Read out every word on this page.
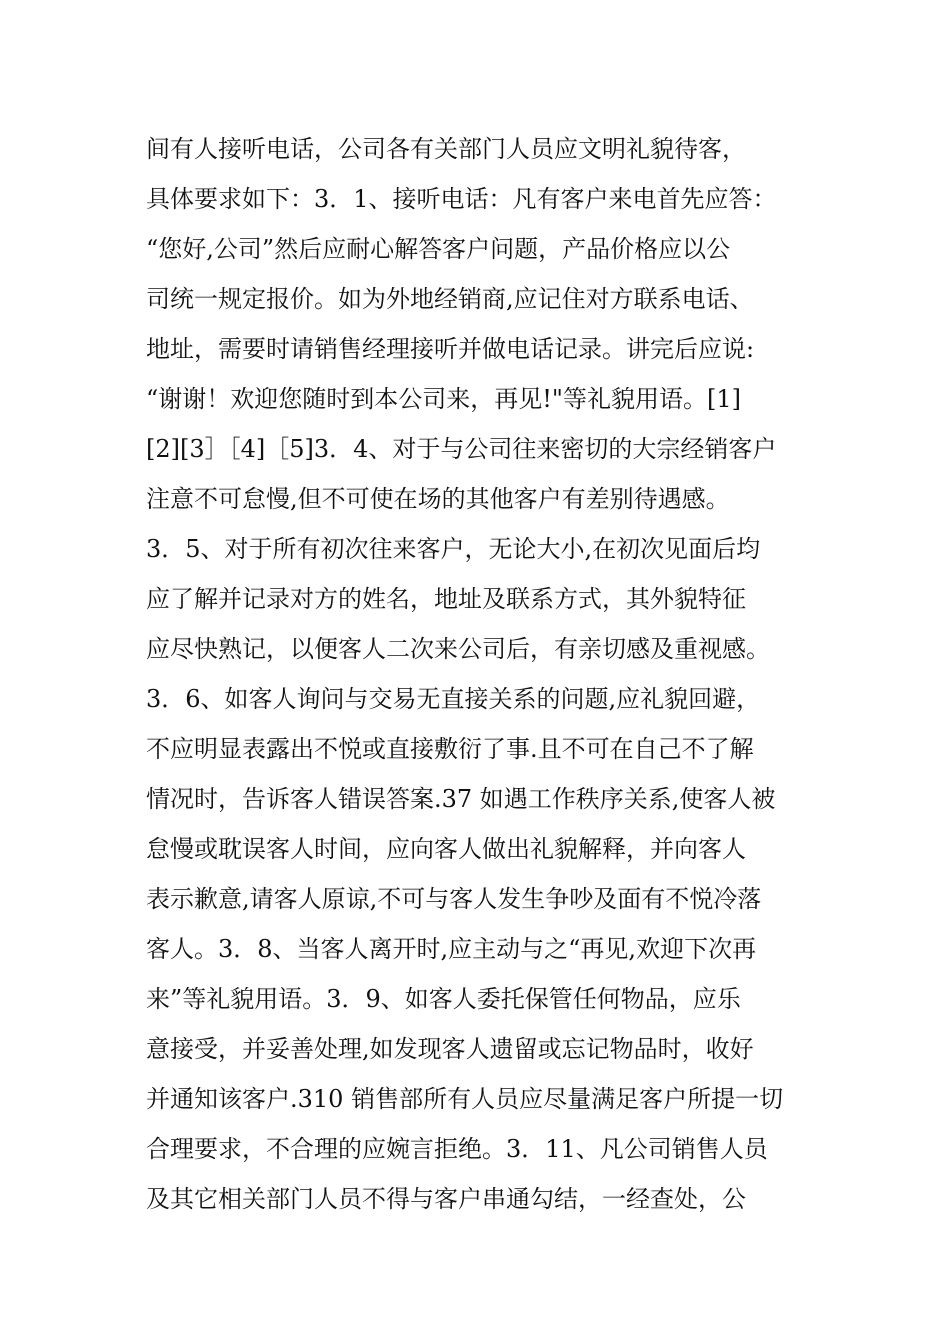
间有人接听电话，公司各有关部门人员应文明礼貌待客，
具体要求如下：3．1、接听电话：凡有客户来电首先应答：
“您好,公司”然后应耐心解答客户问题，产品价格应以公
司统一规定报价。如为外地经销商,应记住对方联系电话、
地址，需要时请销售经理接听并做电话记录。讲完后应说:
“谢谢！欢迎您随时到本公司来，再见!"等礼貌用语。[1]
[2][3］［4]［5]3．4、对于与公司往来密切的大宗经销客户
注意不可怠慢,但不可使在场的其他客户有差别待遇感。
3．5、对于所有初次往来客户，无论大小,在初次见面后均
应了解并记录对方的姓名，地址及联系方式，其外貌特征
应尽快熟记，以便客人二次来公司后，有亲切感及重视感。
3．6、如客人询问与交易无直接关系的问题,应礼貌回避，
不应明显表露出不悦或直接敷衍了事.且不可在自己不了解
情况时，告诉客人错误答案.37 如遇工作秩序关系,使客人被
怠慢或耽误客人时间，应向客人做出礼貌解释，并向客人
表示歉意,请客人原谅,不可与客人发生争吵及面有不悦冷落
客人。3．8、当客人离开时,应主动与之“再见,欢迎下次再
来”等礼貌用语。3．9、如客人委托保管任何物品，应乐
意接受，并妥善处理,如发现客人遗留或忘记物品时，收好
并通知该客户.310 销售部所有人员应尽量满足客户所提一切
合理要求，不合理的应婉言拒绝。3．11、凡公司销售人员
及其它相关部门人员不得与客户串通勾结，一经查处，公
